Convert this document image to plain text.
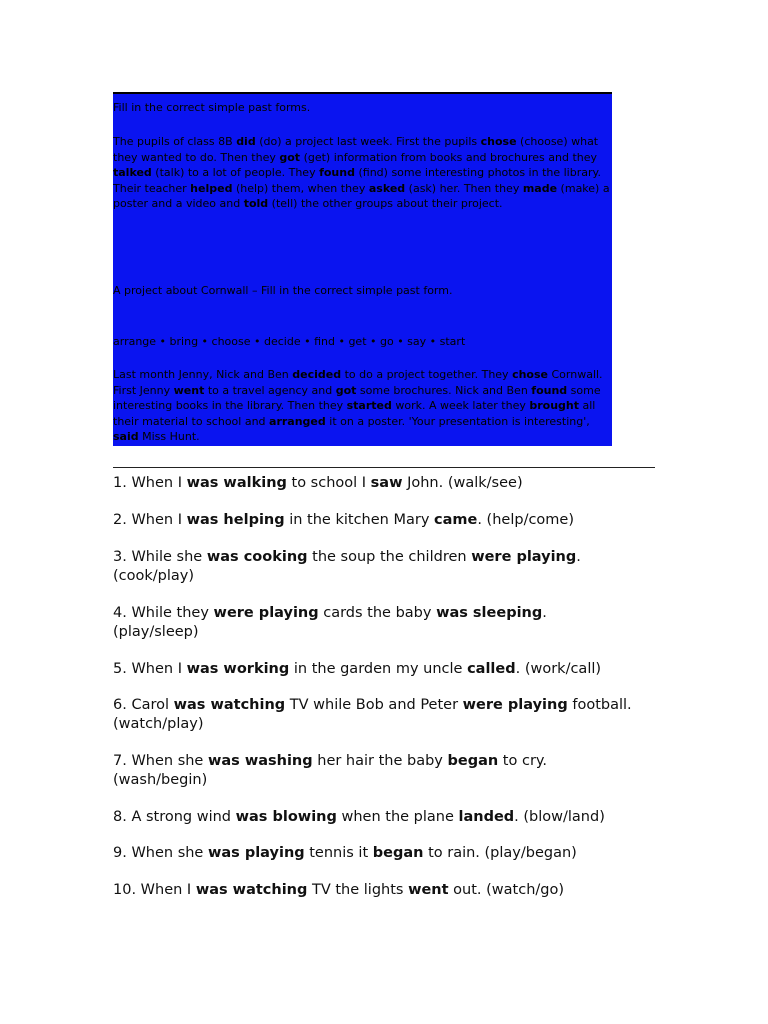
Fill in the correct simple past forms.

The pupils of class 8B did (do) a project last week. First the pupils chose (choose) what they wanted to do. Then they got (get) information from books and brochures and they talked (talk) to a lot of people. They found (find) some interesting photos in the library. Their teacher helped (help) them, when they asked (ask) her. Then they made (make) a poster and a video and told (tell) the other groups about their project.

A project about Cornwall – Fill in the correct simple past form.

arrange • bring • choose • decide • find • get • go • say • start

Last month Jenny, Nick and Ben decided to do a project together. They chose Cornwall. First Jenny went to a travel agency and got some brochures. Nick and Ben found some interesting books in the library. Then they started work. A week later they brought all their material to school and arranged it on a poster. 'Your presentation is interesting', said Miss Hunt.

1. When I was walking to school I saw John. (walk/see)

2. When I was helping in the kitchen Mary came. (help/come)

3. While she was cooking the soup the children were playing. (cook/play)

4. While they were playing cards the baby was sleeping. (play/sleep)

5. When I was working in the garden my uncle called. (work/call)

6. Carol was watching TV while Bob and Peter were playing football. (watch/play)

7. When she was washing her hair the baby began to cry. (wash/begin)

8. A strong wind was blowing when the plane landed. (blow/land)

9. When she was playing tennis it began to rain. (play/began)

10. When I was watching TV the lights went out. (watch/go)
